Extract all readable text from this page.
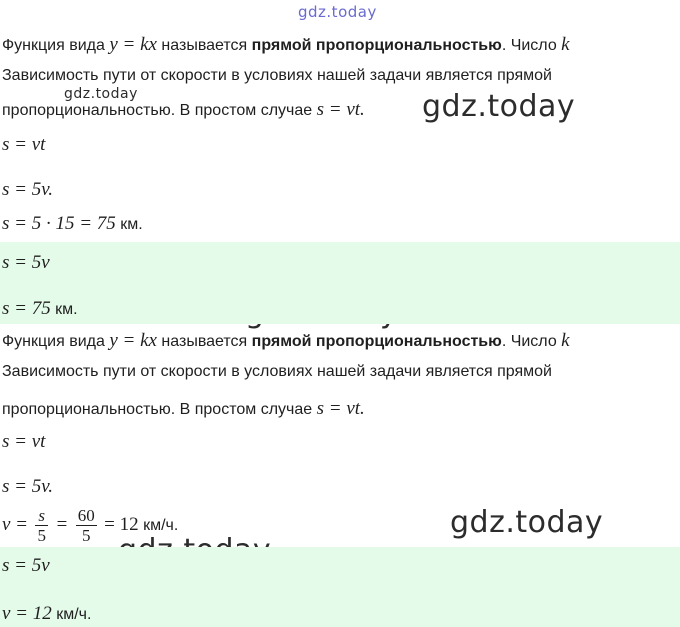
gdz.today
gdz.today	gdz.today
gdz.today
Функция вида y = kx называется прямой пропорциональностью. Число k
Зависимость пути от скорости в условиях нашей задачи является прямой
пропорциональностью. В простом случае s = vt.
s = vt
s = 5v.
s = 5 · 15 = 75 км.
s = 5v
s = 75 км.
Функция вида y = kx называется прямой пропорциональностью. Число k
Зависимость пути от скорости в условиях нашей задачи является прямой
пропорциональностью. В простом случае s = vt.
s = vt
s = 5v.
$v = \frac{s}{5} = \frac{60}{5} = 12$ км/ч.
s = 5v
v = 12 км/ч.
